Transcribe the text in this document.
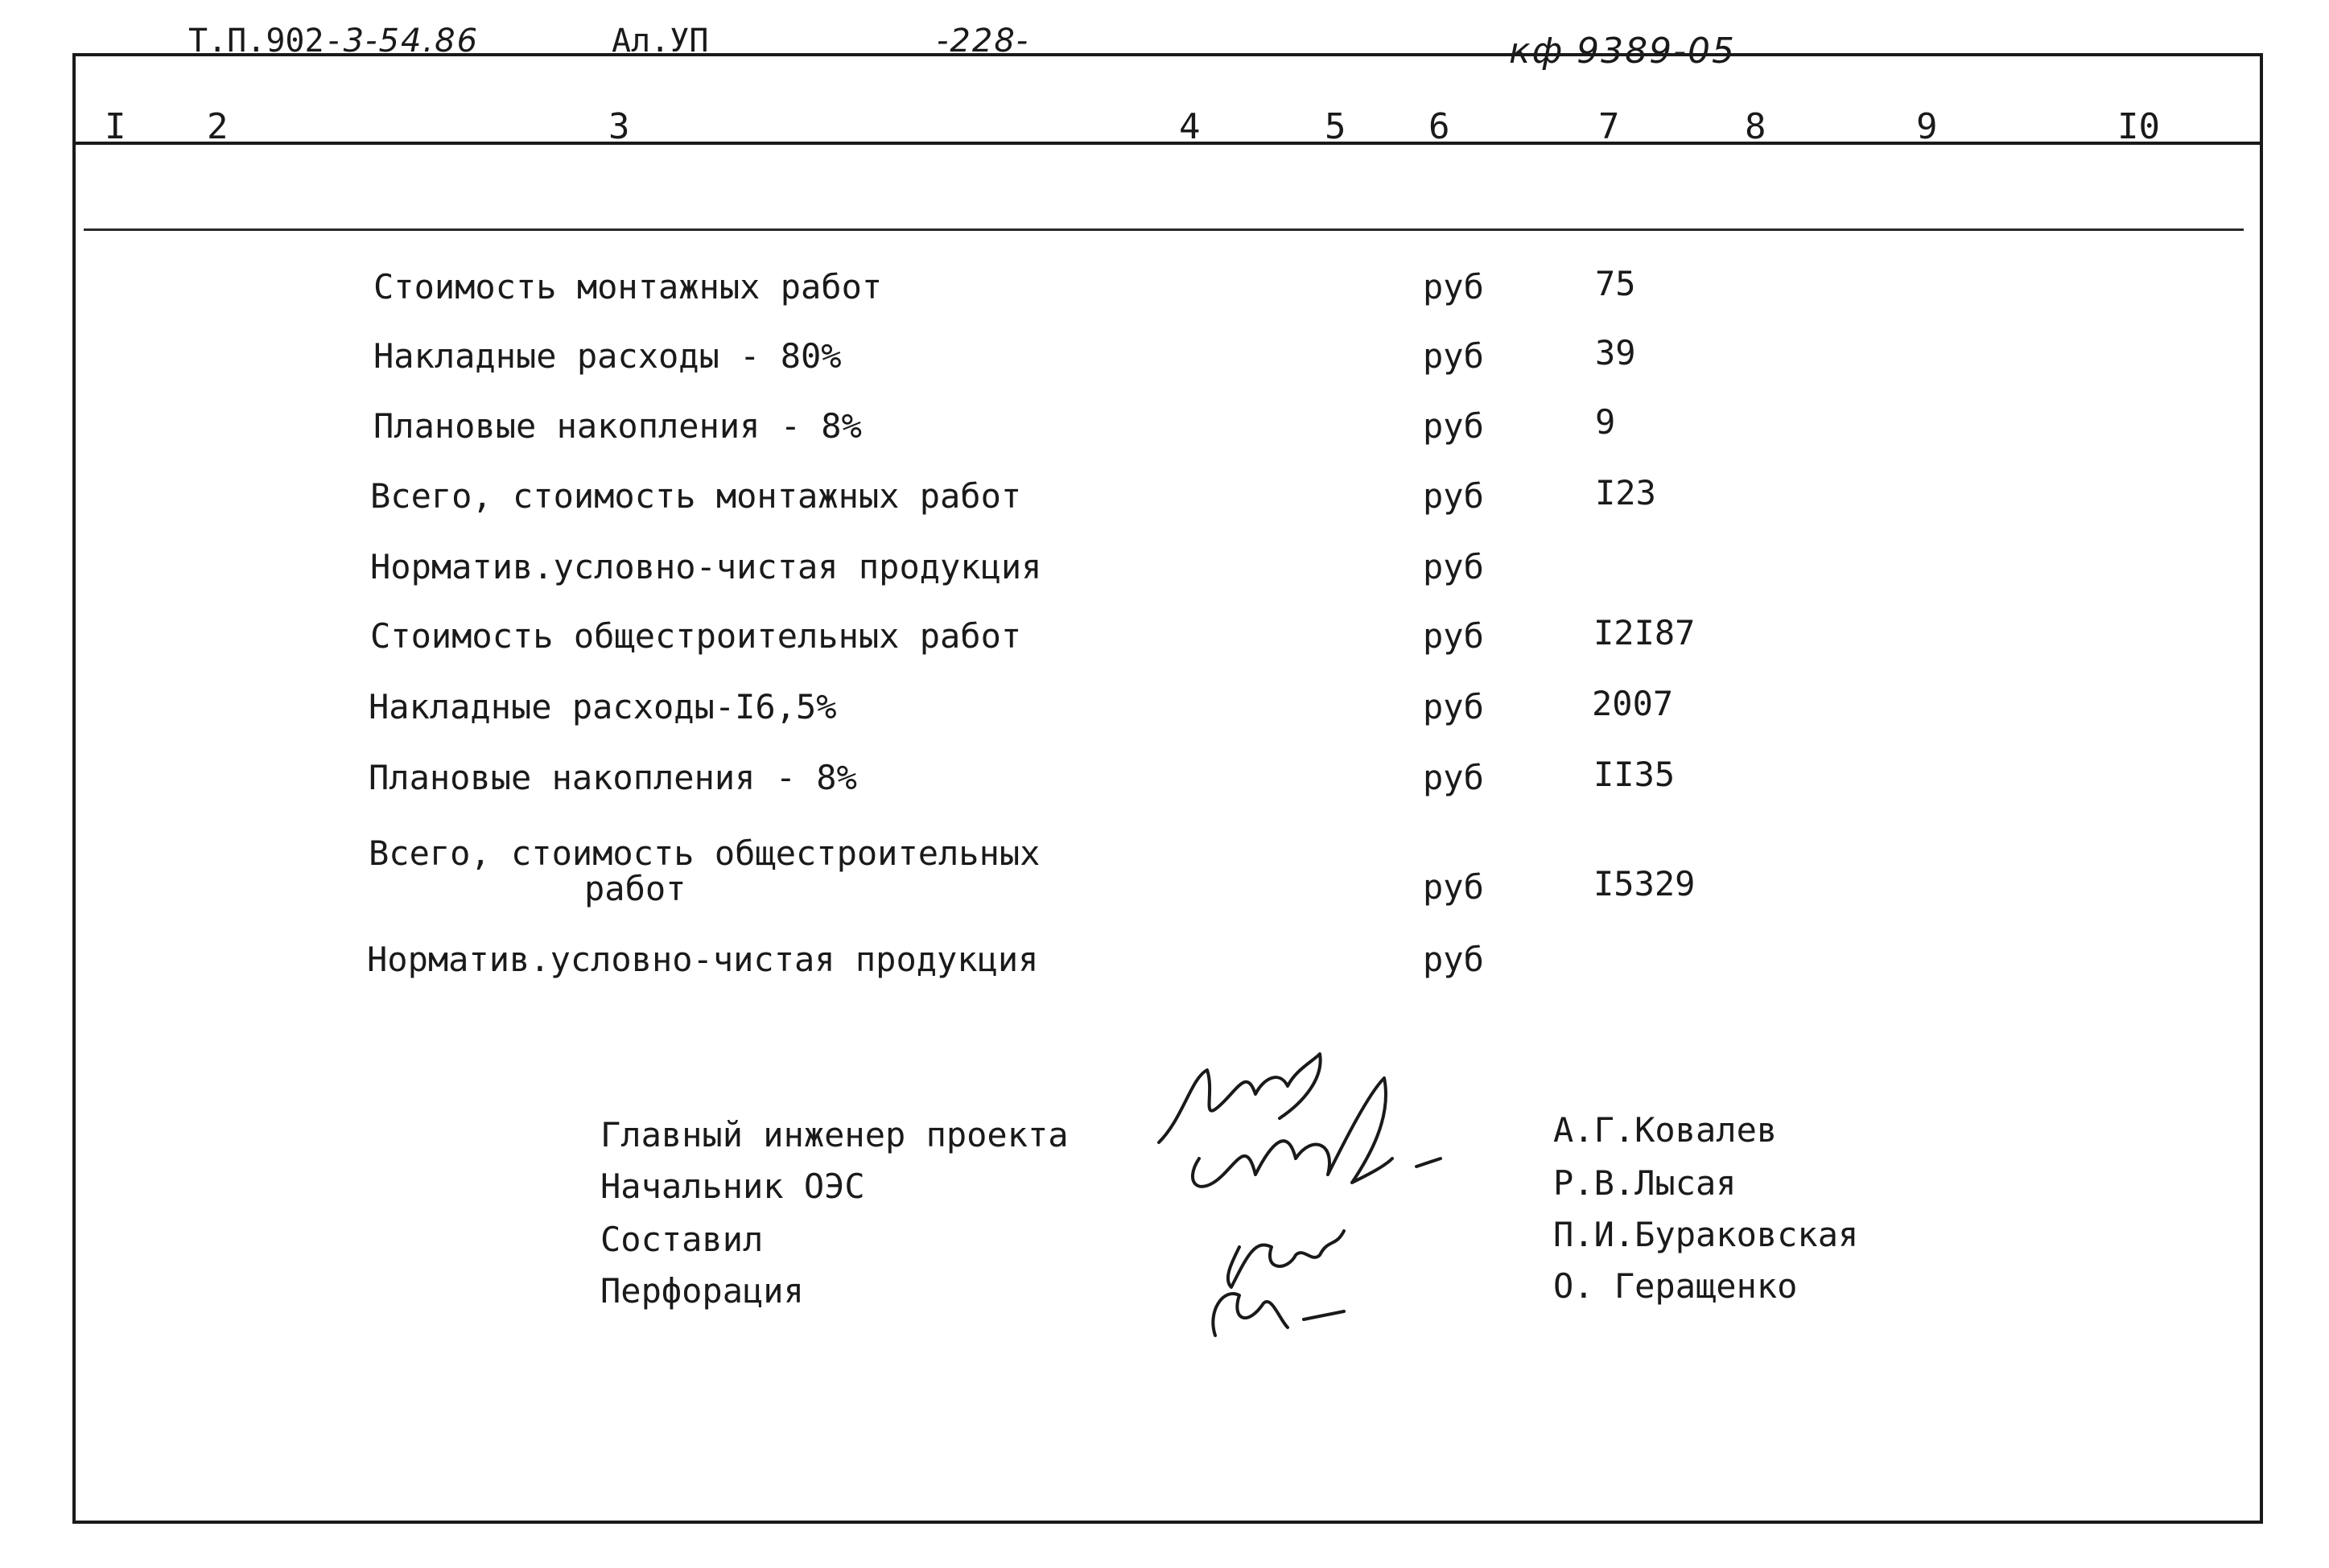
Т.П.902-3-54.86	Ал.УП	-228-	кф 9389-05
I 2	3	4	5 6	7	8	9	I0
Стоимость монтажных работ	руб	75
Накладные расходы - 80%	руб	39
Плановые накопления - 8%	руб	9
Всего, стоимость монтажных работ	руб	I23
Норматив.условно-чистая продукция	руб
Стоимость общестроительных работ	руб	I2I87
Накладные расходы-I6,5%	руб	2007
Плановые накопления - 8%	руб	II35
Всего, стоимость общестроительных
работ	руб	I5329
Норматив.условно-чистая продукция	руб
Главный инженер проекта
Начальник ОЭС
Составил
Перфорация
А.Г.Ковалев
Р.В.Лысая
П.И.Бураковская
О. Геращенко
